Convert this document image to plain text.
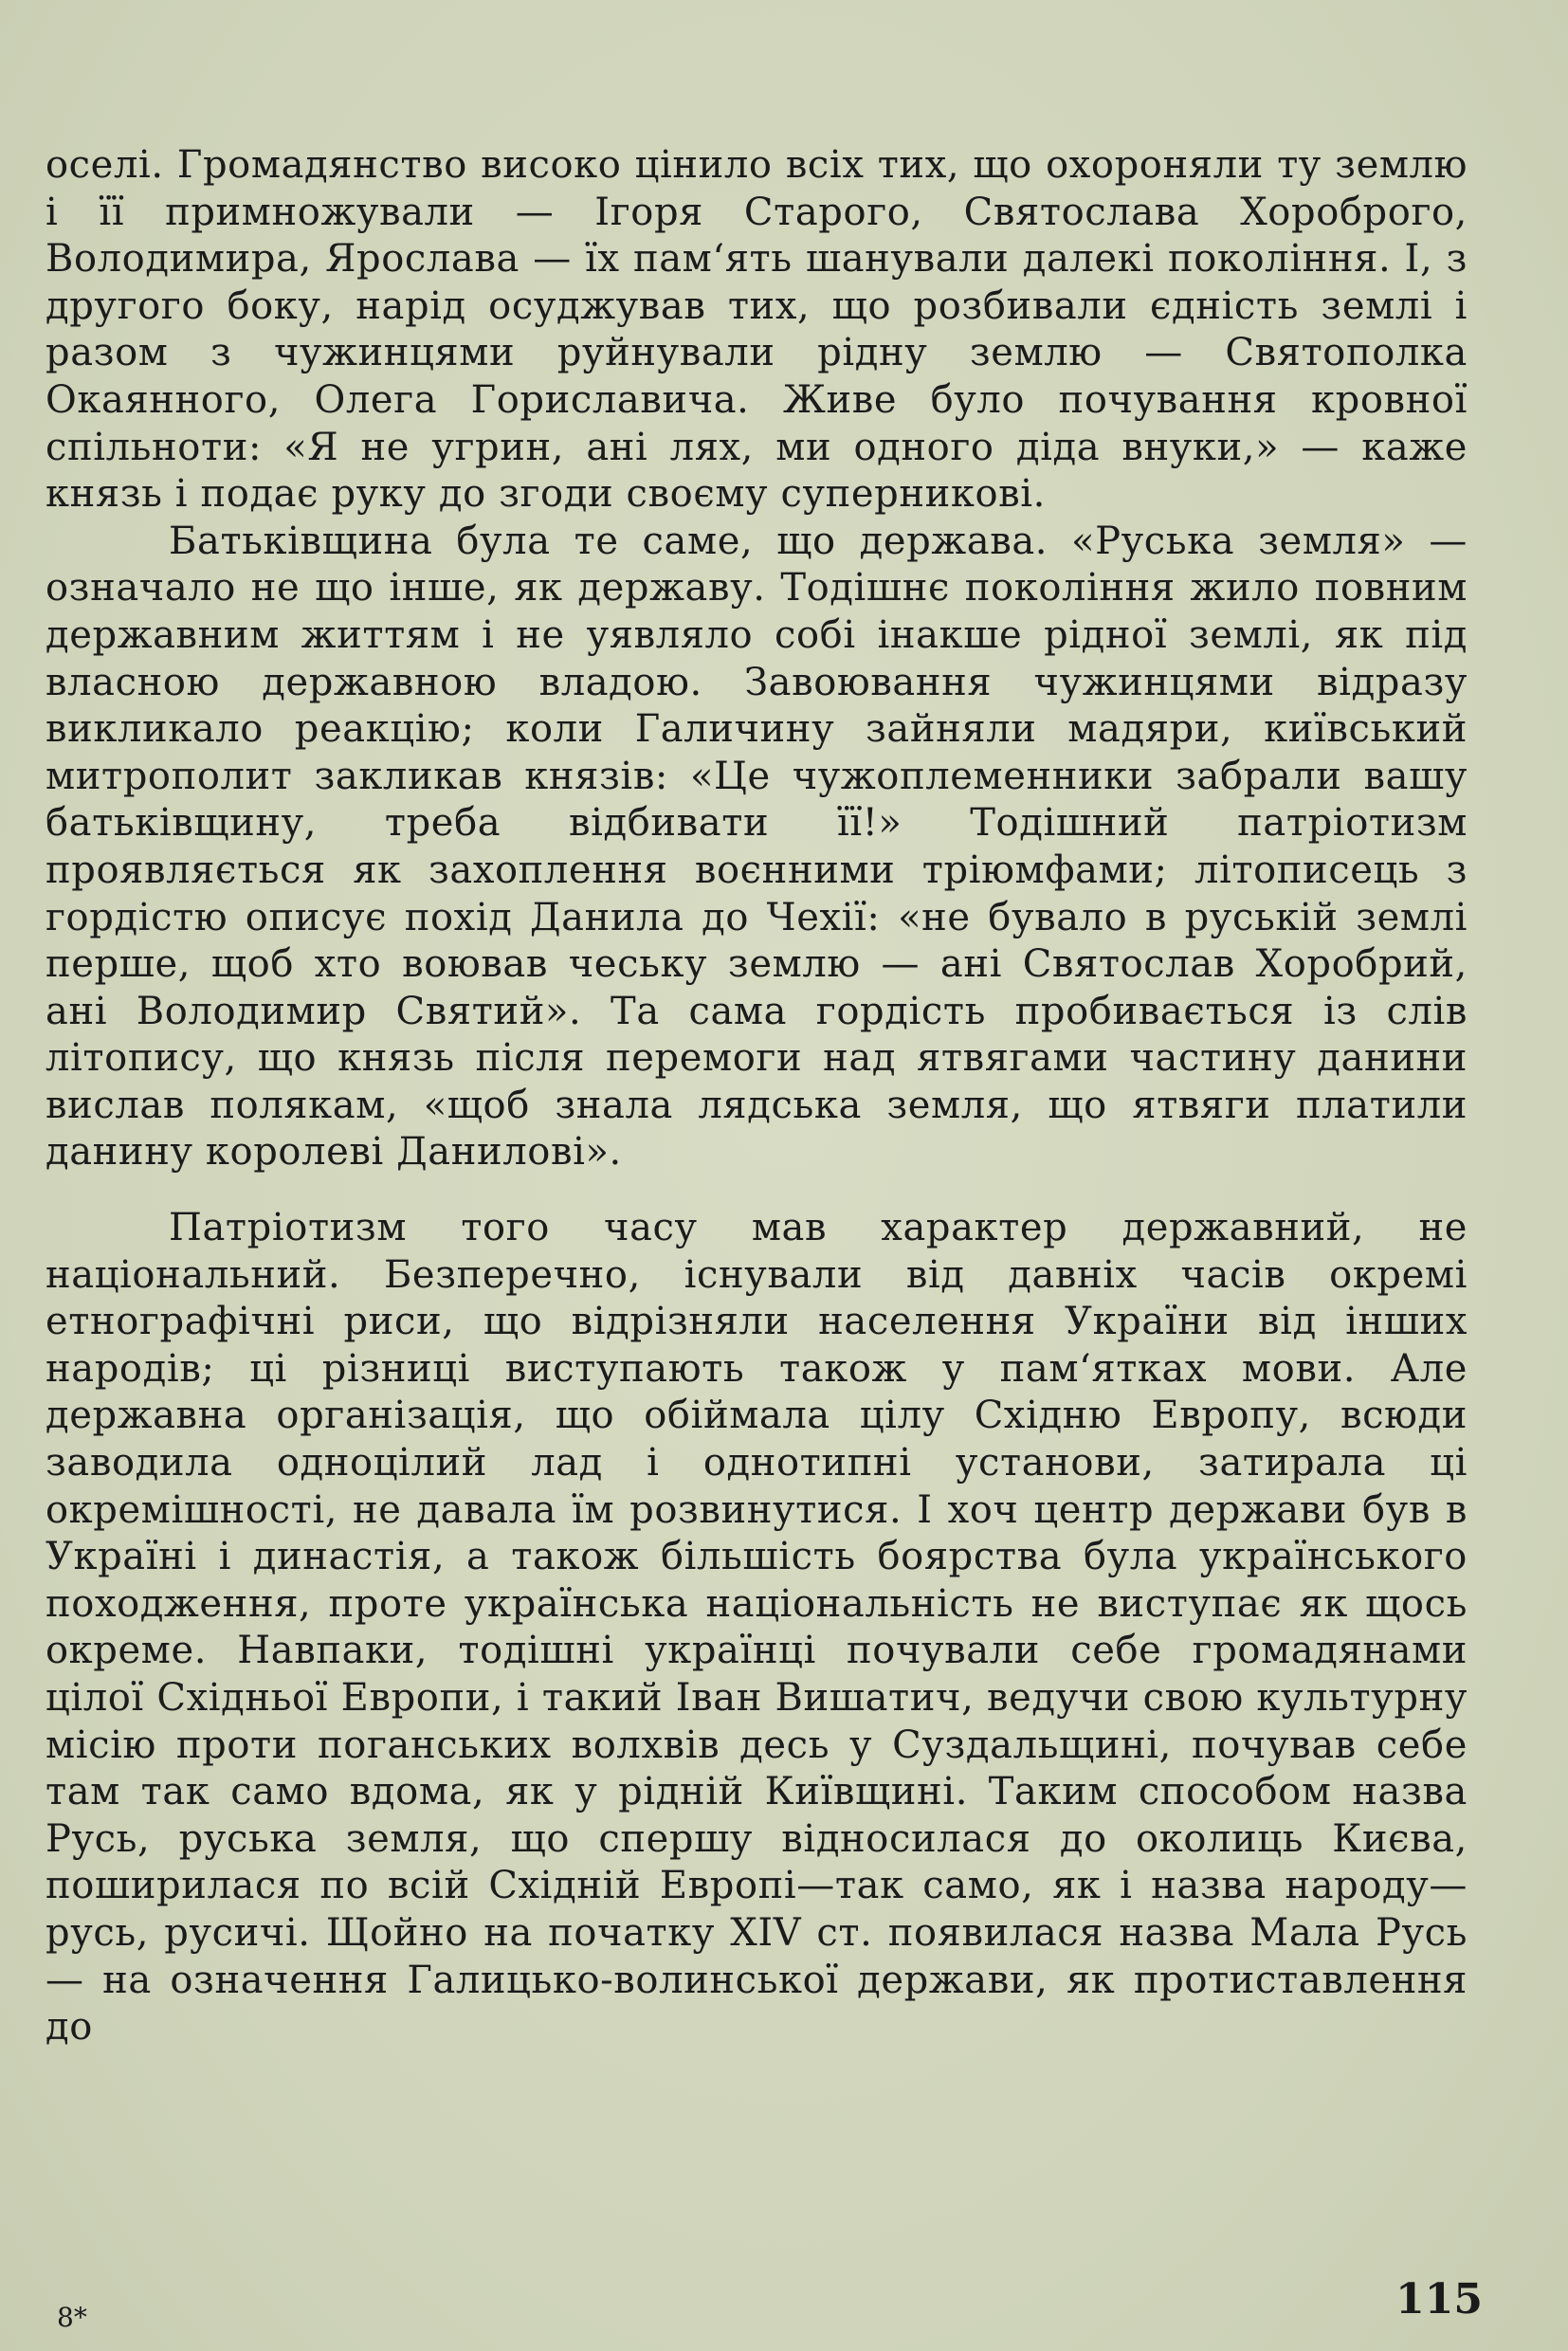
оселі. Громадянство високо цінило всіх тих, що охороняли ту землю і її примножували — Ігоря Старого, Святослава Хороброго, Володимира, Ярослава — їх пам‘ять шанували далекі покоління. І, з другого боку, нарід осуджував тих, що розбивали єдність землі і разом з чужинцями руйнували рідну землю — Святополка Окаянного, Олега Гориславича. Живе було почування кровної спільноти: «Я не угрин, ані лях, ми одного діда внуки,» — каже князь і подає руку до згоди своєму суперникові.

Батьківщина була те саме, що держава. «Руська земля» — означало не що інше, як державу. Тодішнє покоління жило повним державним життям і не уявляло собі інакше рідної землі, як під власною державною владою. Завоювання чужинцями відразу викликало реакцію; коли Галичину зайняли мадяри, київський митрополит закликав князів: «Це чужоплеменники забрали вашу батьківщину, треба відбивати її!» Тодішний патріотизм проявляється як захоплення воєнними тріюмфами; літописець з гордістю описує похід Данила до Чехії: «не бувало в руській землі перше, щоб хто воював чеську землю — ані Святослав Хоробрий, ані Володимир Святий». Та сама гордість пробивається із слів літопису, що князь після перемоги над ятвягами частину данини вислав полякам, «щоб знала лядська земля, що ятвяги платили данину королеві Данилові».

Патріотизм того часу мав характер державний, не національний. Безперечно, існували від давніх часів окремі етнографічні риси, що відрізняли населення України від інших народів; ці різниці виступають також у пам‘ятках мови. Але державна організація, що обіймала цілу Східню Европу, всюди заводила одноцілий лад і однотипні установи, затирала ці окремішності, не давала їм розвинутися. І хоч центр держави був в Україні і династія, а також більшість боярства була українського походження, проте українська національність не виступає як щось окреме. Навпаки, тодішні українці почували себе громадянами цілої Східньої Европи, і такий Іван Вишатич, ведучи свою культурну місію проти поганських волхвів десь у Суздальщині, почував себе там так само вдома, як у рідній Київщині. Таким способом назва Русь, руська земля, що спершу відносилася до околиць Києва, поширилася по всій Східній Европі—так само, як і назва народу—русь, русичі. Щойно на початку XIV ст. появилася назва Мала Русь — на означення Галицько-волинської держави, як протиставлення до

8*	115
